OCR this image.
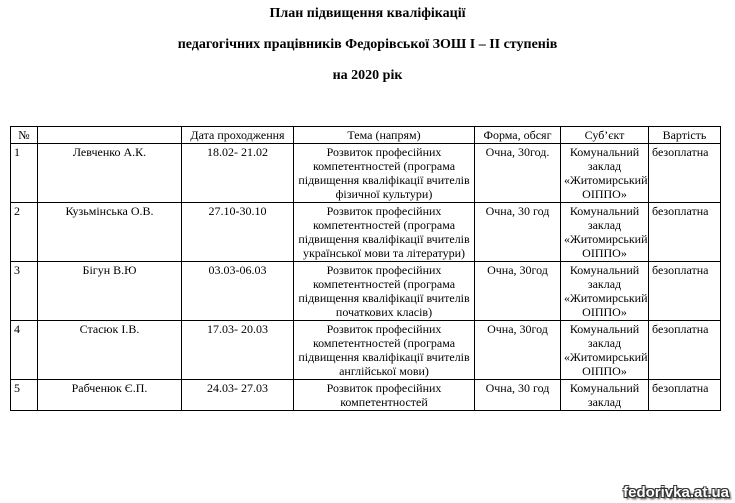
План підвищення кваліфікації
педагогічних працівників Федорівської ЗОШ І – ІІ ступенів
на 2020 рік
№		Дата проходження	Тема (напрям)	Форма, обсяг	Суб’єкт	Вартість
1	Левченко А.К.	18.02- 21.02	Розвиток професійних компетентностей (програма підвищення кваліфікації вчителів фізичної культури)	Очна, 30год.	Комунальний заклад «Житомирський ОІППО»	безоплатна
2	Кузьмінська О.В.	27.10-30.10	Розвиток професійних компетентностей (програма підвищення кваліфікації вчителів української мови та літератури)	Очна, 30 год	Комунальний заклад «Житомирський ОІППО»	безоплатна
3	Бігун В.Ю	03.03-06.03	Розвиток професійних компетентностей (програма підвищення кваліфікації вчителів початкових класів)	Очна, 30год	Комунальний заклад «Житомирський ОІППО»	безоплатна
4	Стасюк І.В.	17.03- 20.03	Розвиток професійних компетентностей (програма підвищення кваліфікації вчителів англійської мови)	Очна, 30год	Комунальний заклад «Житомирський ОІППО»	безоплатна
5	Рабченюк Є.П.	24.03- 27.03	Розвиток професійних компетентностей	Очна, 30 год	Комунальний заклад	безоплатна
fedorivka.at.ua
